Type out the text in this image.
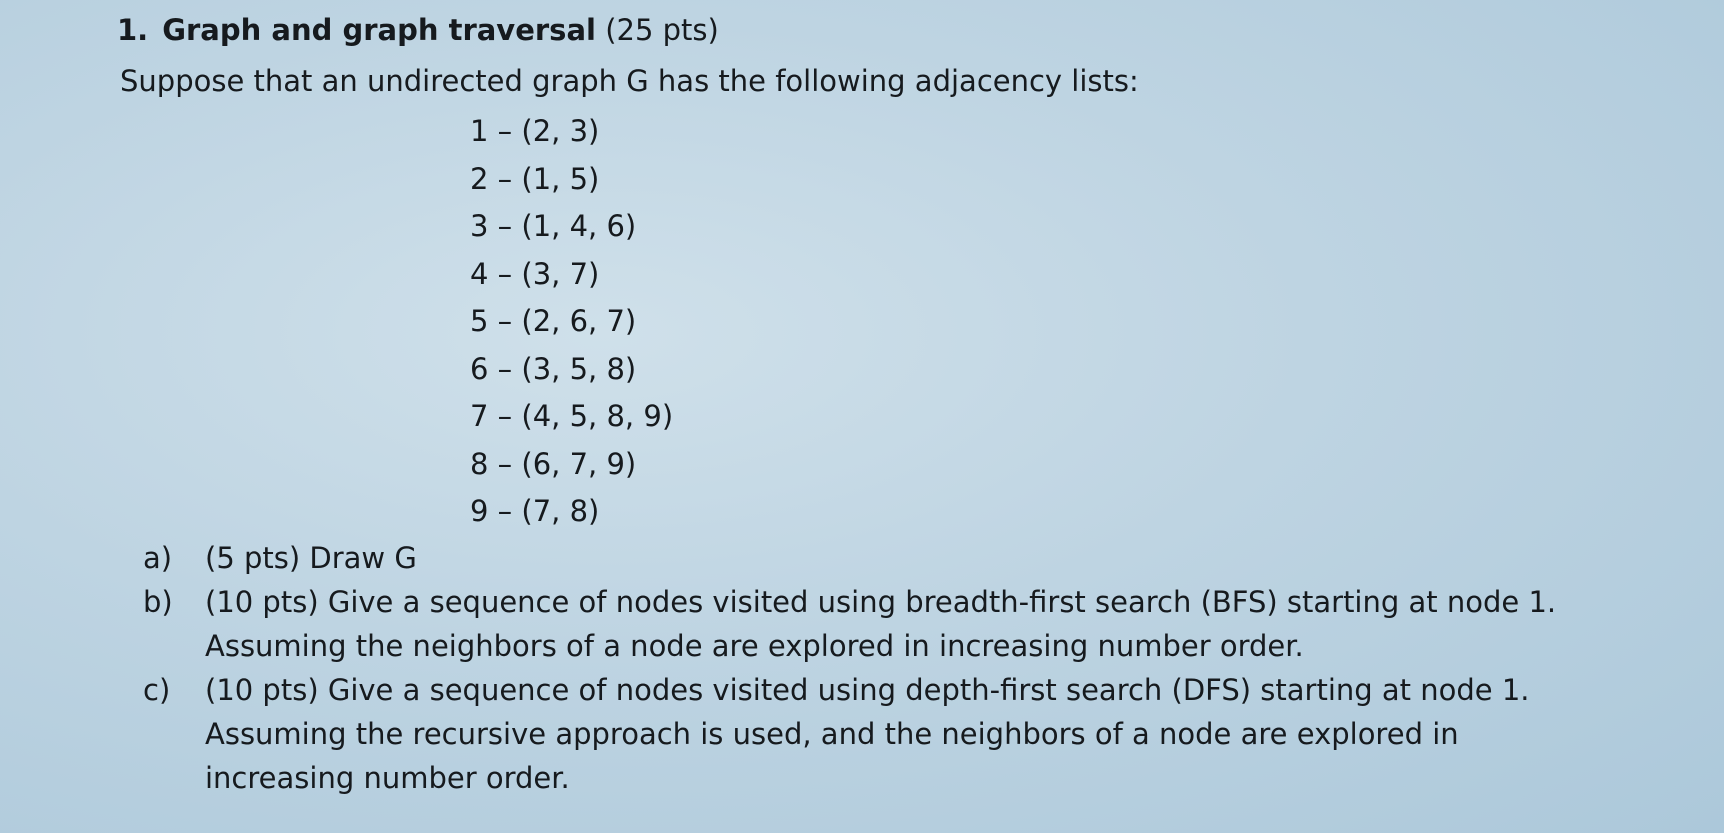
1. Graph and graph traversal (25 pts)
Suppose that an undirected graph G has the following adjacency lists:
1 – (2, 3)
2 – (1, 5)
3 – (1, 4, 6)
4 – (3, 7)
5 – (2, 6, 7)
6 – (3, 5, 8)
7 – (4, 5, 8, 9)
8 – (6, 7, 9)
9 – (7, 8)
a) (5 pts) Draw G
b) (10 pts) Give a sequence of nodes visited using breadth-first search (BFS) starting at node 1.
Assuming the neighbors of a node are explored in increasing number order.
c) (10 pts) Give a sequence of nodes visited using depth-first search (DFS) starting at node 1.
Assuming the recursive approach is used, and the neighbors of a node are explored in
increasing number order.
